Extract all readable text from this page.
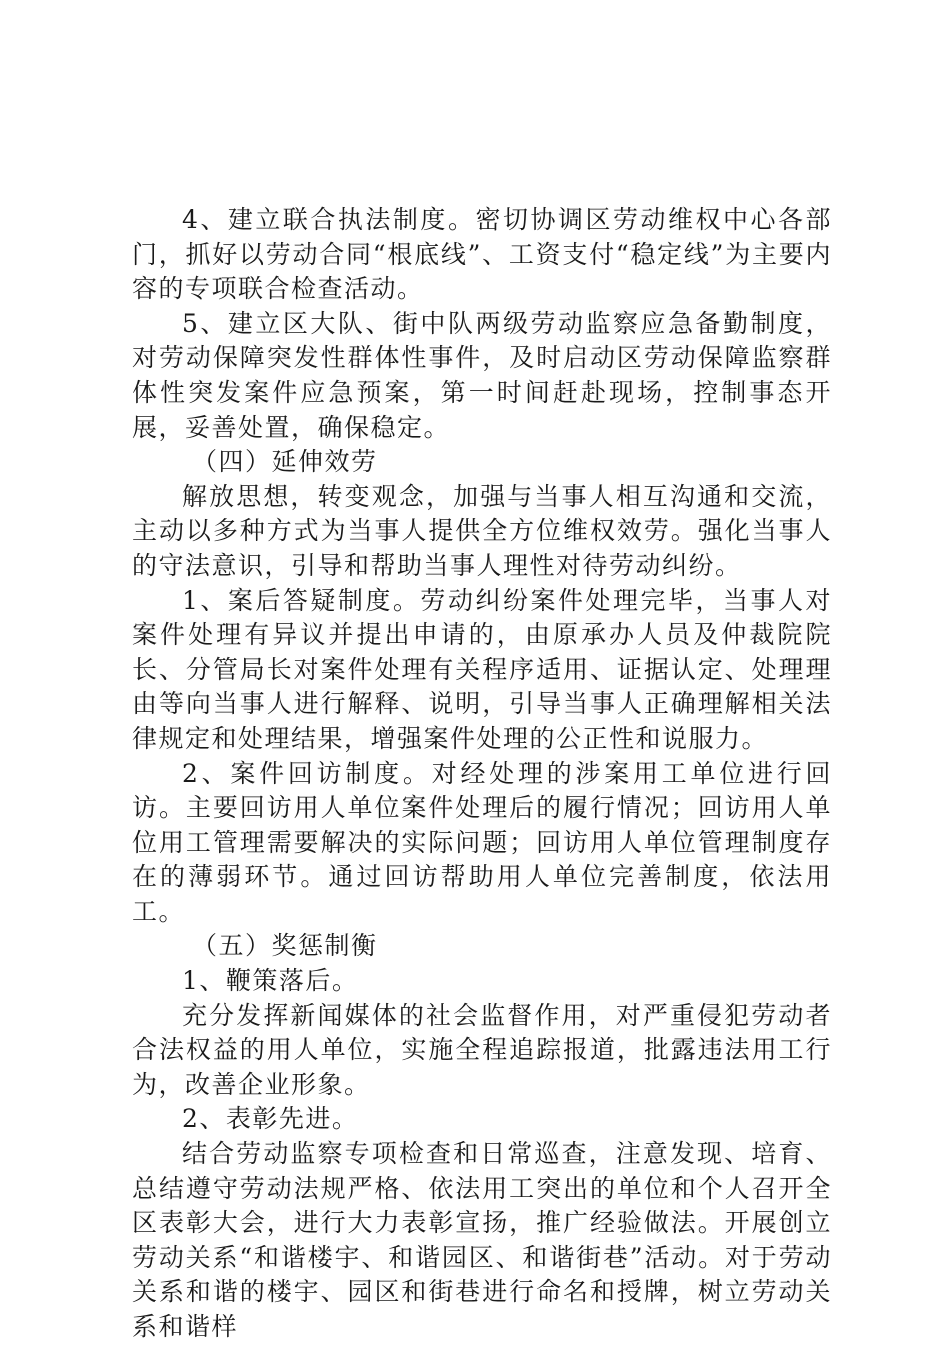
4、建立联合执法制度。密切协调区劳动维权中心各部门，抓好以劳动合同“根底线”、工资支付“稳定线”为主要内容的专项联合检查活动。

5、建立区大队、街中队两级劳动监察应急备勤制度，对劳动保障突发性群体性事件，及时启动区劳动保障监察群体性突发案件应急预案，第一时间赶赴现场，控制事态开展，妥善处置，确保稳定。

（四）延伸效劳

解放思想，转变观念，加强与当事人相互沟通和交流，主动以多种方式为当事人提供全方位维权效劳。强化当事人的守法意识，引导和帮助当事人理性对待劳动纠纷。

1、案后答疑制度。劳动纠纷案件处理完毕，当事人对案件处理有异议并提出申请的，由原承办人员及仲裁院院长、分管局长对案件处理有关程序适用、证据认定、处理理由等向当事人进行解释、说明，引导当事人正确理解相关法律规定和处理结果，增强案件处理的公正性和说服力。

2、案件回访制度。对经处理的涉案用工单位进行回访。主要回访用人单位案件处理后的履行情况；回访用人单位用工管理需要解决的实际问题；回访用人单位管理制度存在的薄弱环节。通过回访帮助用人单位完善制度，依法用工。

（五）奖惩制衡

1、鞭策落后。

充分发挥新闻媒体的社会监督作用，对严重侵犯劳动者合法权益的用人单位，实施全程追踪报道，批露违法用工行为，改善企业形象。

2、表彰先进。

结合劳动监察专项检查和日常巡查，注意发现、培育、总结遵守劳动法规严格、依法用工突出的单位和个人召开全区表彰大会，进行大力表彰宣扬，推广经验做法。开展创立劳动关系“和谐楼宇、和谐园区、和谐街巷”活动。对于劳动关系和谐的楼宇、园区和街巷进行命名和授牌，树立劳动关系和谐样
